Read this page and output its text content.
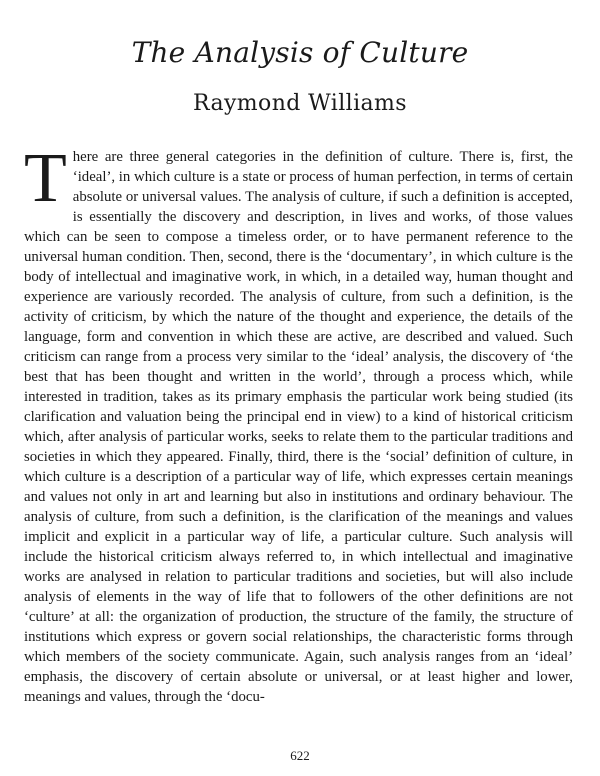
The Analysis of Culture
Raymond Williams
T here are three general categories in the definition of culture. There is, first, the ‘ideal’, in which culture is a state or process of human perfection, in terms of certain absolute or universal values. The analysis of culture, if such a definition is accepted, is essentially the discovery and description, in lives and works, of those values which can be seen to compose a timeless order, or to have permanent reference to the universal human condition. Then, second, there is the ‘documentary’, in which culture is the body of intellectual and imaginative work, in which, in a detailed way, human thought and experience are variously recorded. The analysis of culture, from such a definition, is the activity of criticism, by which the nature of the thought and experience, the details of the language, form and convention in which these are active, are described and valued. Such criticism can range from a process very similar to the ‘ideal’ analysis, the discovery of ‘the best that has been thought and written in the world’, through a process which, while interested in tradition, takes as its primary emphasis the particular work being studied (its clarification and valuation being the principal end in view) to a kind of historical criticism which, after analysis of particular works, seeks to relate them to the particular traditions and societies in which they appeared. Finally, third, there is the ‘social’ definition of culture, in which culture is a description of a particular way of life, which expresses certain meanings and values not only in art and learning but also in institutions and ordinary behaviour. The analysis of culture, from such a definition, is the clarification of the meanings and values implicit and explicit in a particular way of life, a particular culture. Such analysis will include the historical criticism always referred to, in which intellectual and imaginative works are analysed in relation to particular traditions and societies, but will also include analysis of elements in the way of life that to followers of the other definitions are not ‘culture’ at all: the organization of production, the structure of the family, the structure of institutions which express or govern social relationships, the characteristic forms through which members of the society communicate. Again, such analysis ranges from an ‘ideal’ emphasis, the discovery of certain absolute or universal, or at least higher and lower, meanings and values, through the ‘docu-
622
